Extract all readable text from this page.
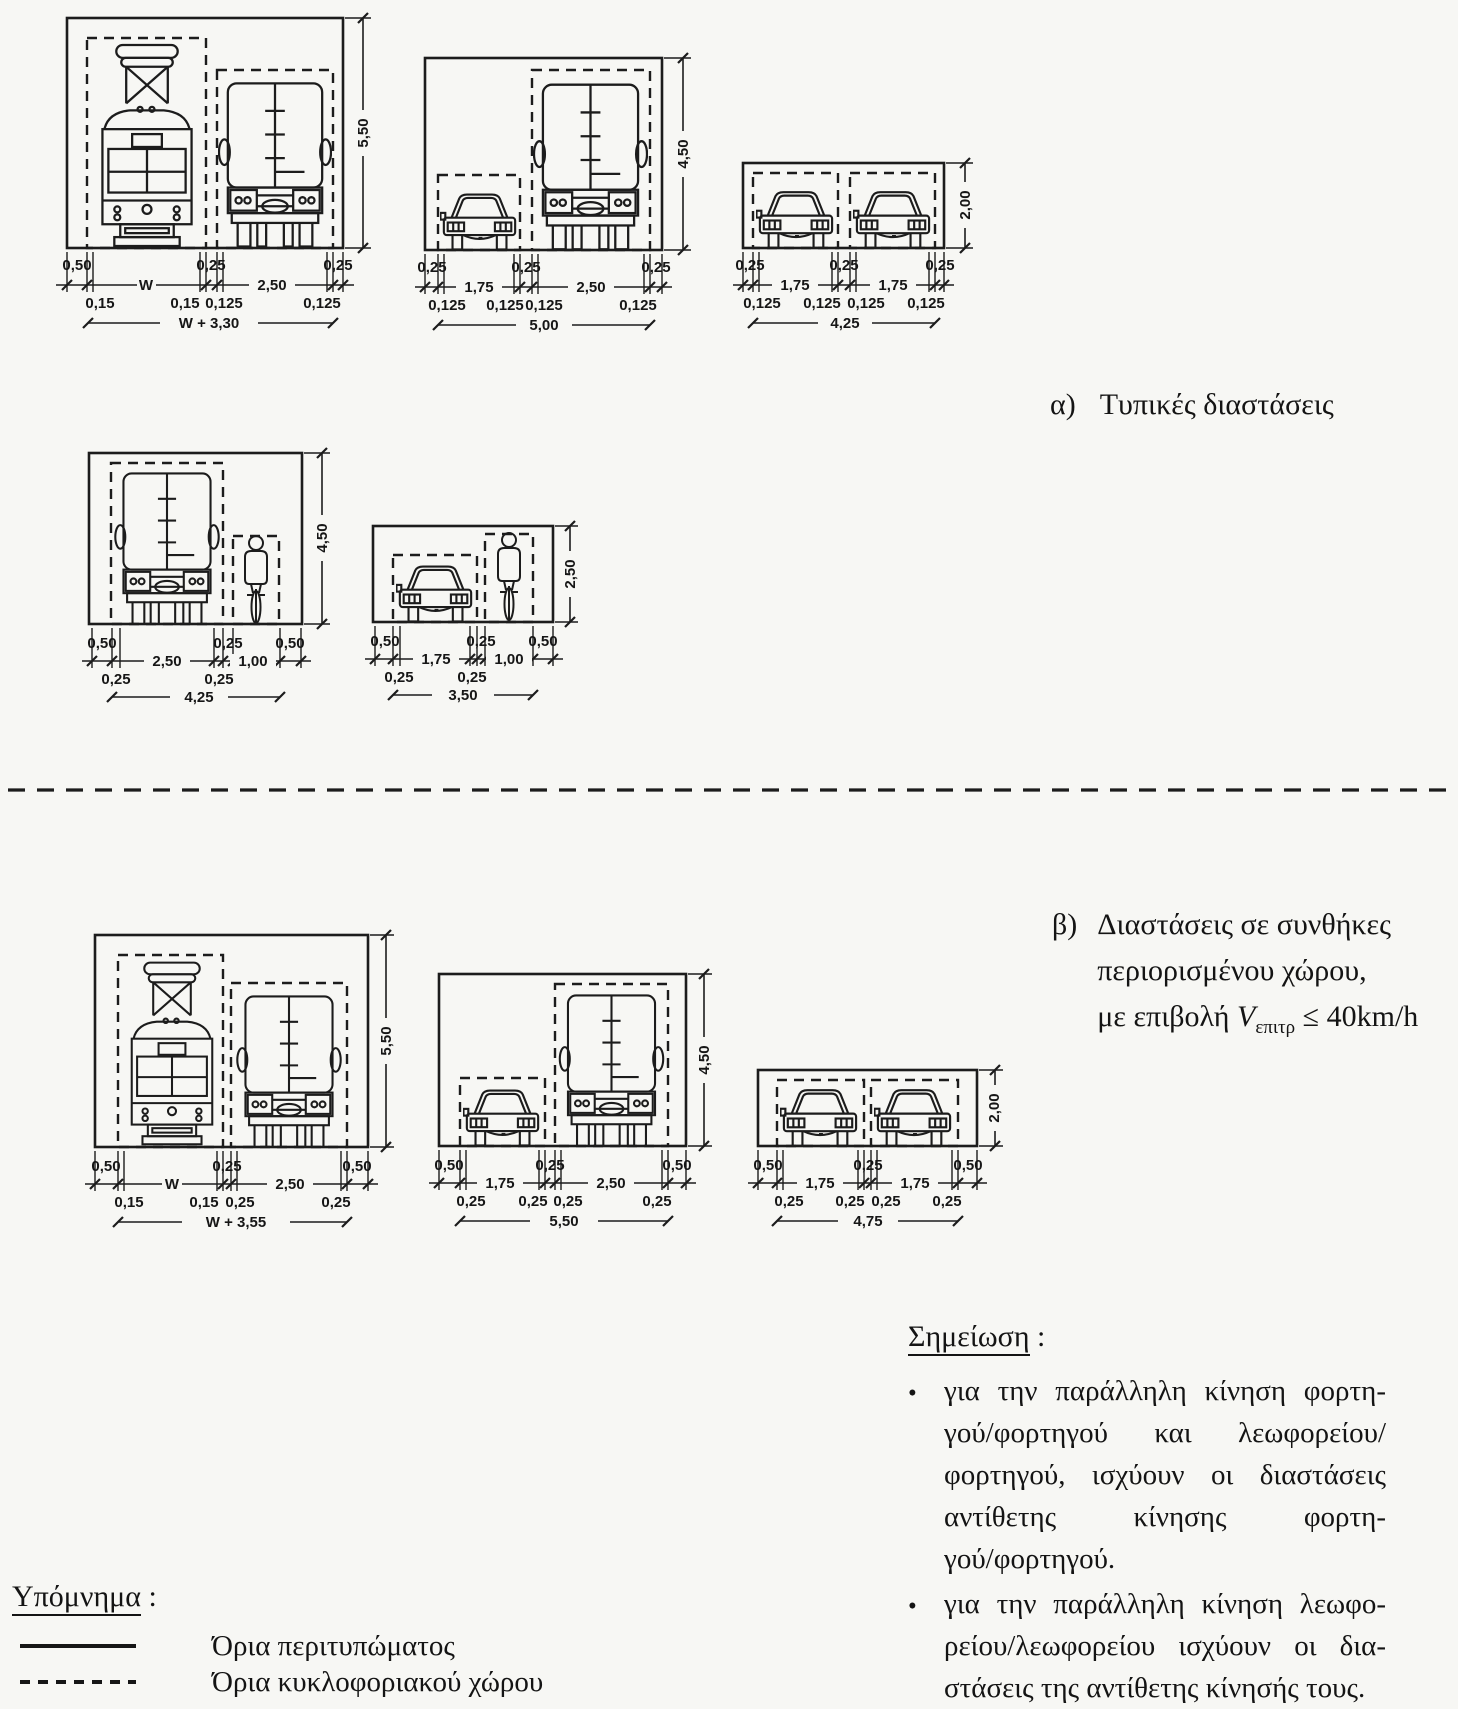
0,50	0,25	0,25
W	2,50
0,15	0,15 0,125	0,125
W + 3,30
5,50
0,25	0,25	0,25
1,75	2,50
0,125 0,125 0,125	0,125
5,00
4,50
0,25	0,25	0,25
1,75	1,75
0,125 0,125 0,125 0,125
4,25
2,00
0,50	0,25 0,50
2,50	1,00
0,25	0,25
4,25
4,50
0,50	0,25 0,50
1,75	1,00
0,25	0,25
3,50
2,50
0,50	0,25	0,50
W	2,50
0,15	0,15 0,25	0,25
W + 3,55
5,50
0,50	0,25	0,50
1,75	2,50
0,25 0,25 0,25	0,25
5,50
4,50
0,50	0,25	0,50
1,75	1,75
0,25 0,25 0,25 0,25
4,75
2,00
α) Τυπικές διαστάσεις
β) Διαστάσεις σε συνθήκες
περιορισμένου χώρου,
με επιβολή $V_{\varepsilon\pi\iota\tau\rho} \le 40km/h$
Σημείωση :
• για την παράλληλη κίνηση φορτη-
γού/φορτηγού και λεωφορείου/
φορτηγού, ισχύουν οι διαστάσεις
αντίθετης κίνησης φορτη-
γού/φορτηγού.
• για την παράλληλη κίνηση λεωφο-
ρείου/λεωφορείου ισχύουν οι δια-
στάσεις της αντίθετης κίνησής τους.
Υπόμνημα :
Όρια περιτυπώματος
Όρια κυκλοφοριακού χώρου
